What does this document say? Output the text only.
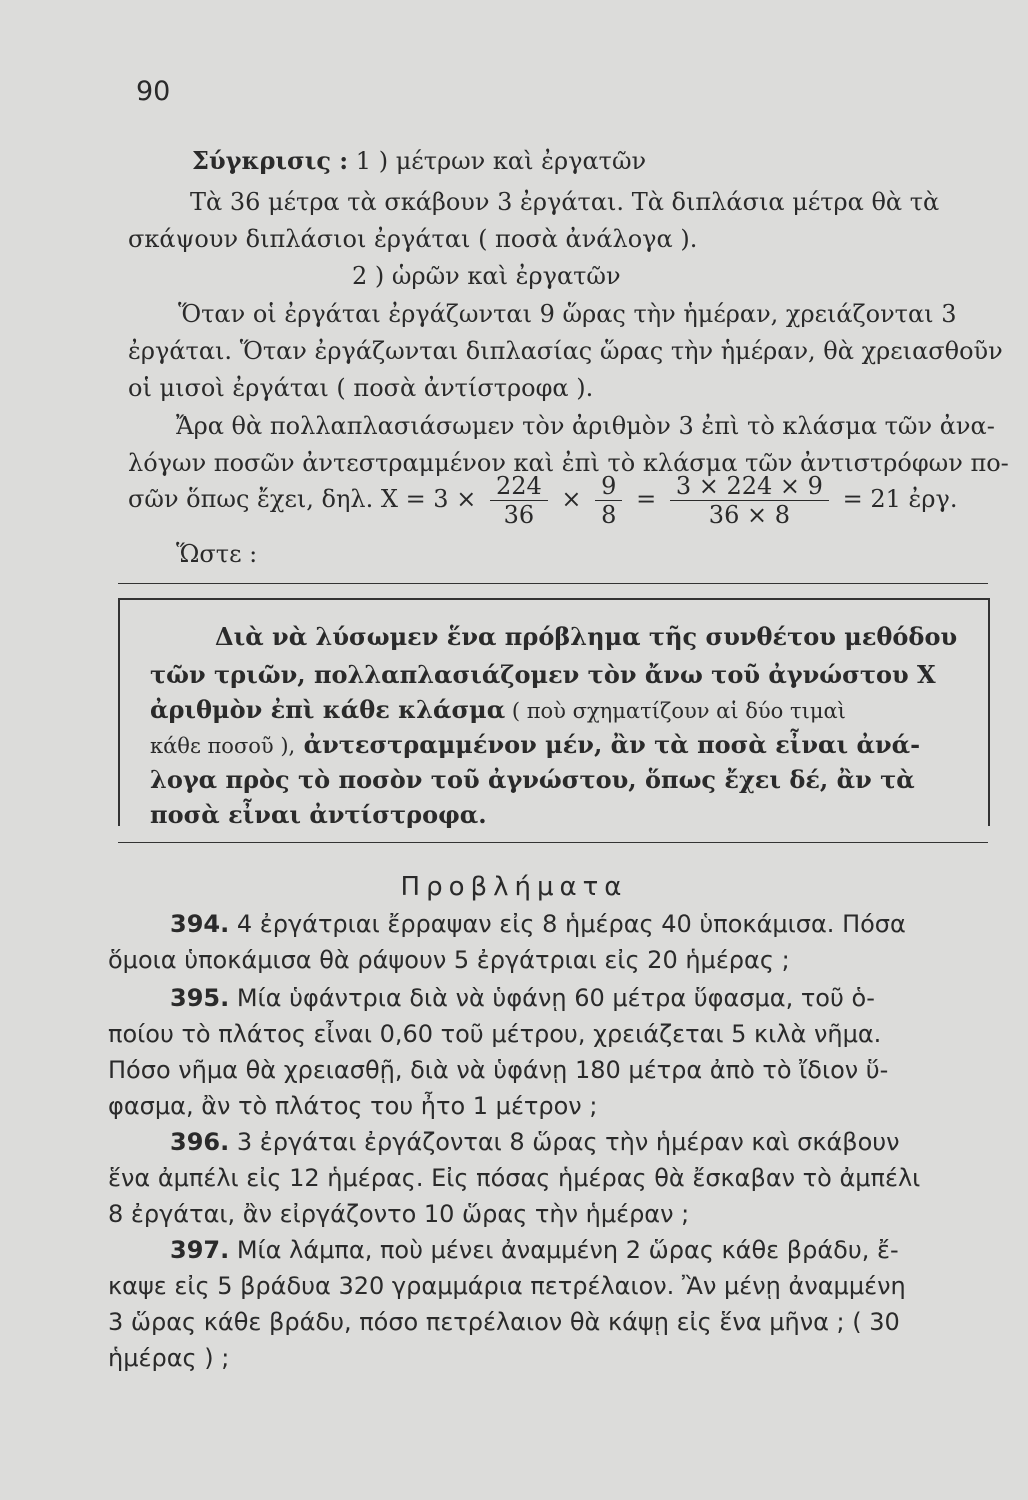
90
Σύγκρισις : 1 ) μέτρων καὶ ἐργατῶν
Τὰ 36 μέτρα τὰ σκάβουν 3 ἐργάται. Τὰ διπλάσια μέτρα θὰ τὰ
σκάψουν διπλάσιοι ἐργάται ( ποσὰ ἀνάλογα ).
2 ) ὡρῶν καὶ ἐργατῶν
Ὅταν οἱ ἐργάται ἐργάζωνται 9 ὥρας τὴν ἡμέραν, χρειάζονται 3
ἐργάται. Ὅταν ἐργάζωνται διπλασίας ὥρας τὴν ἡμέραν, θὰ χρειασθοῦν
οἱ μισοὶ ἐργάται ( ποσὰ ἀντίστροφα ).
Ἄρα θὰ πολλαπλασιάσωμεν τὸν ἀριθμὸν 3 ἐπὶ τὸ κλάσμα τῶν ἀνα-
λόγων ποσῶν ἀντεστραμμένον καὶ ἐπὶ τὸ κλάσμα τῶν ἀντιστρόφων πο-
σῶν ὅπως ἔχει, δηλ. $X = 3 \times \frac{224}{36} \times \frac{9}{8} = \frac{3 \times 224 \times 9}{36 \times 8} = 21$ ἐργ.
Ὥστε :
Διὰ νὰ λύσωμεν ἕνα πρόβλημα τῆς συνθέτου μεθόδου
τῶν τριῶν, πολλαπλασιάζομεν τὸν ἄνω τοῦ ἀγνώστου X
ἀριθμὸν ἐπὶ κάθε κλάσμα ( ποὺ σχηματίζουν αἱ δύο τιμαὶ
κάθε ποσοῦ ), ἀντεστραμμένον μέν, ἂν τὰ ποσὰ εἶναι ἀνά-
λογα πρὸς τὸ ποσὸν τοῦ ἀγνώστου, ὅπως ἔχει δέ, ἂν τὰ
ποσὰ εἶναι ἀντίστροφα.
Προβλήματα
394. 4 ἐργάτριαι ἔρραψαν εἰς 8 ἡμέρας 40 ὑποκάμισα. Πόσα
ὅμοια ὑποκάμισα θὰ ράψουν 5 ἐργάτριαι εἰς 20 ἡμέρας ;
395. Μία ὑφάντρια διὰ νὰ ὑφάνῃ 60 μέτρα ὕφασμα, τοῦ ὁ-
ποίου τὸ πλάτος εἶναι 0,60 τοῦ μέτρου, χρειάζεται 5 κιλὰ νῆμα.
Πόσο νῆμα θὰ χρειασθῇ, διὰ νὰ ὑφάνῃ 180 μέτρα ἀπὸ τὸ ἴδιον ὕ-
φασμα, ἂν τὸ πλάτος του ἦτο 1 μέτρον ;
396. 3 ἐργάται ἐργάζονται 8 ὥρας τὴν ἡμέραν καὶ σκάβουν
ἕνα ἀμπέλι εἰς 12 ἡμέρας. Εἰς πόσας ἡμέρας θὰ ἔσκαβαν τὸ ἀμπέλι
8 ἐργάται, ἂν εἰργάζοντο 10 ὥρας τὴν ἡμέραν ;
397. Μία λάμπα, ποὺ μένει ἀναμμένη 2 ὥρας κάθε βράδυ, ἔ-
καψε εἰς 5 βράδυα 320 γραμμάρια πετρέλαιον. Ἂν μένῃ ἀναμμένη
3 ὥρας κάθε βράδυ, πόσο πετρέλαιον θὰ κάψῃ εἰς ἕνα μῆνα ; ( 30
ἡμέρας ) ;
